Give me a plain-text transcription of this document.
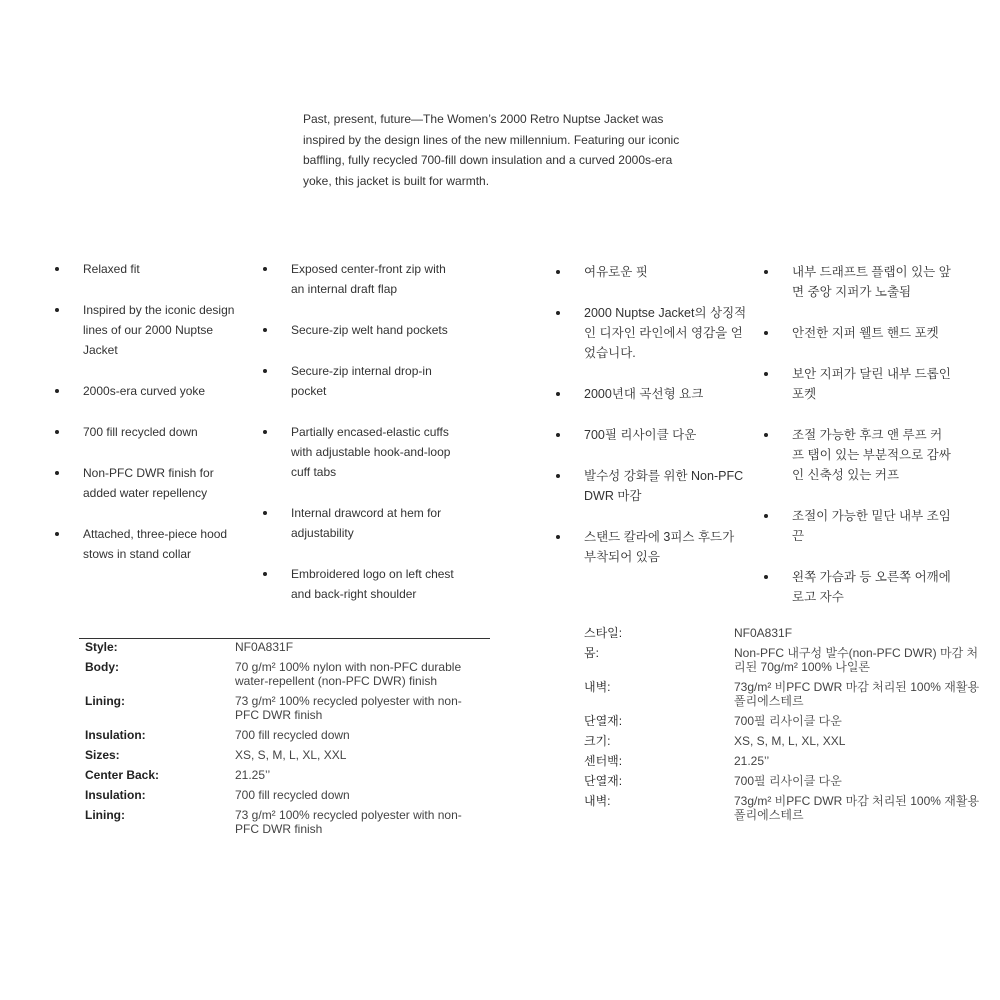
Past, present, future—The Women’s 2000 Retro Nuptse Jacket was inspired by the design lines of the new millennium. Featuring our iconic baffling, fully recycled 700-fill down insulation and a curved 2000s-era yoke, this jacket is built for warmth.
Relaxed fit
Inspired by the iconic design lines of our 2000 Nuptse Jacket
2000s-era curved yoke
700 fill recycled down
Non-PFC DWR finish for added water repellency
Attached, three-piece hood stows in stand collar
Exposed center-front zip with an internal draft flap
Secure-zip welt hand pockets
Secure-zip internal drop-in pocket
Partially encased-elastic cuffs with adjustable hook-and-loop cuff tabs
Internal drawcord at hem for adjustability
Embroidered logo on left chest and back-right shoulder
여유로운 핏
2000 Nuptse Jacket의 상징적인 디자인 라인에서 영감을 얻었습니다.
2000년대 곡선형 요크
700필 리사이클 다운
발수성 강화를 위한 Non-PFC DWR 마감
스탠드 칼라에 3피스 후드가 부착되어 있음
내부 드래프트 플랩이 있는 앞면 중앙 지퍼가 노출됨
안전한 지퍼 웰트 핸드 포켓
보안 지퍼가 달린 내부 드롭인 포켓
조절 가능한 후크 앤 루프 커프 탭이 있는 부분적으로 감싸인 신축성 있는 커프
조절이 가능한 밑단 내부 조임끈
왼쪽 가슴과 등 오른쪽 어깨에 로고 자수
Style:	NF0A831F
Body:	70 g/m² 100% nylon with non-PFC durable water-repellent (non-PFC DWR) finish
Lining:	73 g/m² 100% recycled polyester with non-PFC DWR finish
Insulation:	700 fill recycled down
Sizes:	XS, S, M, L, XL, XXL
Center Back:	21.25’’
Insulation:	700 fill recycled down
Lining:	73 g/m² 100% recycled polyester with non-PFC DWR finish
스타일:	NF0A831F
몸:	Non-PFC 내구성 발수(non-PFC DWR) 마감 처리된 70g/m² 100% 나일론
내벽:	73g/m² 비PFC DWR 마감 처리된 100% 재활용 폴리에스테르
단열재:	700필 리사이클 다운
크기:	XS, S, M, L, XL, XXL
센터백:	21.25’’
단열재:	700필 리사이클 다운
내벽:	73g/m² 비PFC DWR 마감 처리된 100% 재활용 폴리에스테르
